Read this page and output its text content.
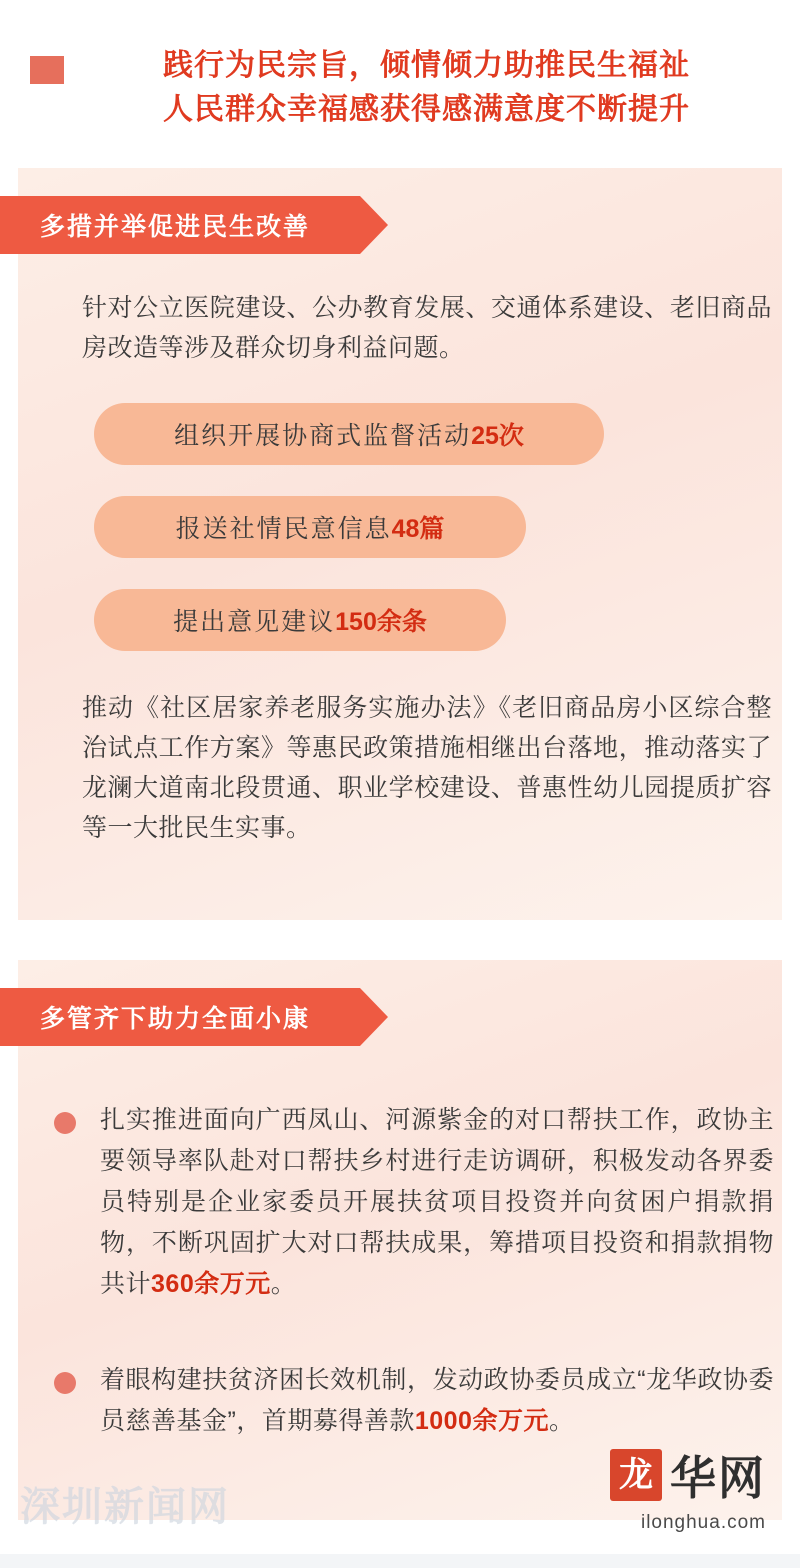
践行为民宗旨，倾情倾力助推民生福祉
人民群众幸福感获得感满意度不断提升
多措并举促进民生改善
针对公立医院建设、公办教育发展、交通体系建设、老旧商品房改造等涉及群众切身利益问题。
组织开展协商式监督活动 25次
报送社情民意信息 48篇
提出意见建议 150余条
推动《社区居家养老服务实施办法》《老旧商品房小区综合整治试点工作方案》等惠民政策措施相继出台落地，推动落实了龙澜大道南北段贯通、职业学校建设、普惠性幼儿园提质扩容等一大批民生实事。
多管齐下助力全面小康
扎实推进面向广西凤山、河源紫金的对口帮扶工作，政协主要领导率队赴对口帮扶乡村进行走访调研，积极发动各界委员特别是企业家委员开展扶贫项目投资并向贫困户捐款捐物，不断巩固扩大对口帮扶成果，筹措项目投资和捐款捐物共计360余万元。
着眼构建扶贫济困长效机制，发动政协委员成立“龙华政协委员慈善基金”，首期募得善款1000余万元。
深圳新闻网
龙 华网
ilonghua.com
